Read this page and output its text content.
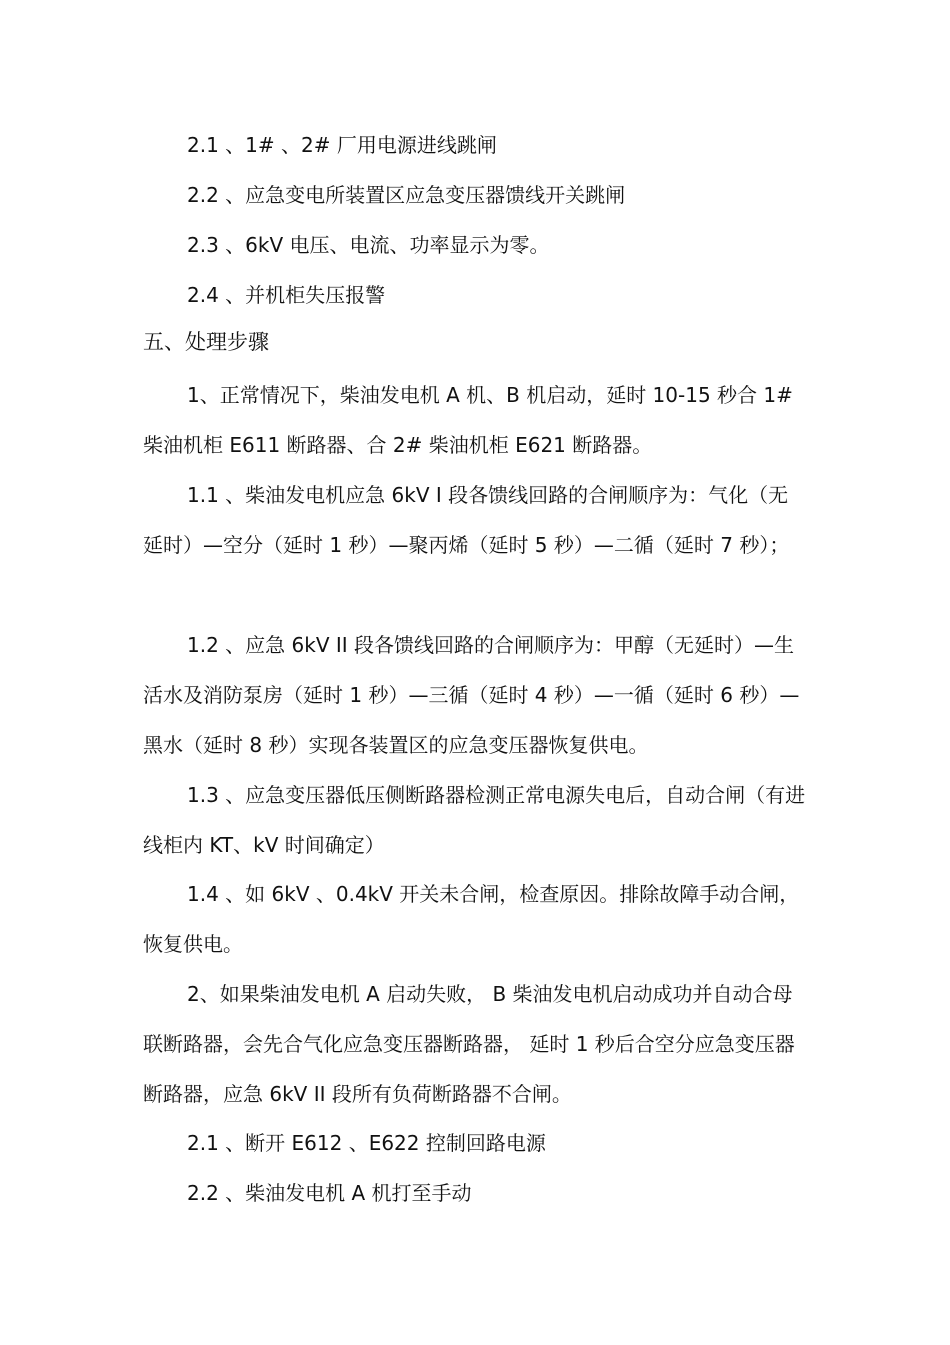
2.1 、1# 、2# 厂用电源进线跳闸

2.2 、应急变电所装置区应急变压器馈线开关跳闸

2.3 、6kV 电压、电流、功率显示为零。

2.4 、并机柜失压报警

五、处理步骤

1、正常情况下，柴油发电机 A 机、B 机启动，延时 10-15 秒合 1# 柴油机柜 E611 断路器、合 2# 柴油机柜 E621 断路器。

1.1 、柴油发电机应急 6kV I 段各馈线回路的合闸顺序为：气化（无延时）—空分（延时 1 秒）—聚丙烯（延时 5 秒）—二循（延时 7 秒）；

1.2 、应急 6kV II 段各馈线回路的合闸顺序为：甲醇（无延时）—生活水及消防泵房（延时 1 秒）—三循（延时 4 秒）—一循（延时 6 秒）—黑水（延时 8 秒）实现各装置区的应急变压器恢复供电。

1.3 、应急变压器低压侧断路器检测正常电源失电后，自动合闸（有进线柜内 KT、kV 时间确定）

1.4 、如 6kV 、0.4kV 开关未合闸，检查原因。排除故障手动合闸，恢复供电。

2、如果柴油发电机 A 启动失败， B 柴油发电机启动成功并自动合母联断路器，会先合气化应急变压器断路器， 延时 1 秒后合空分应急变压器断路器，应急 6kV II 段所有负荷断路器不合闸。

2.1 、断开 E612 、E622 控制回路电源

2.2 、柴油发电机 A 机打至手动
